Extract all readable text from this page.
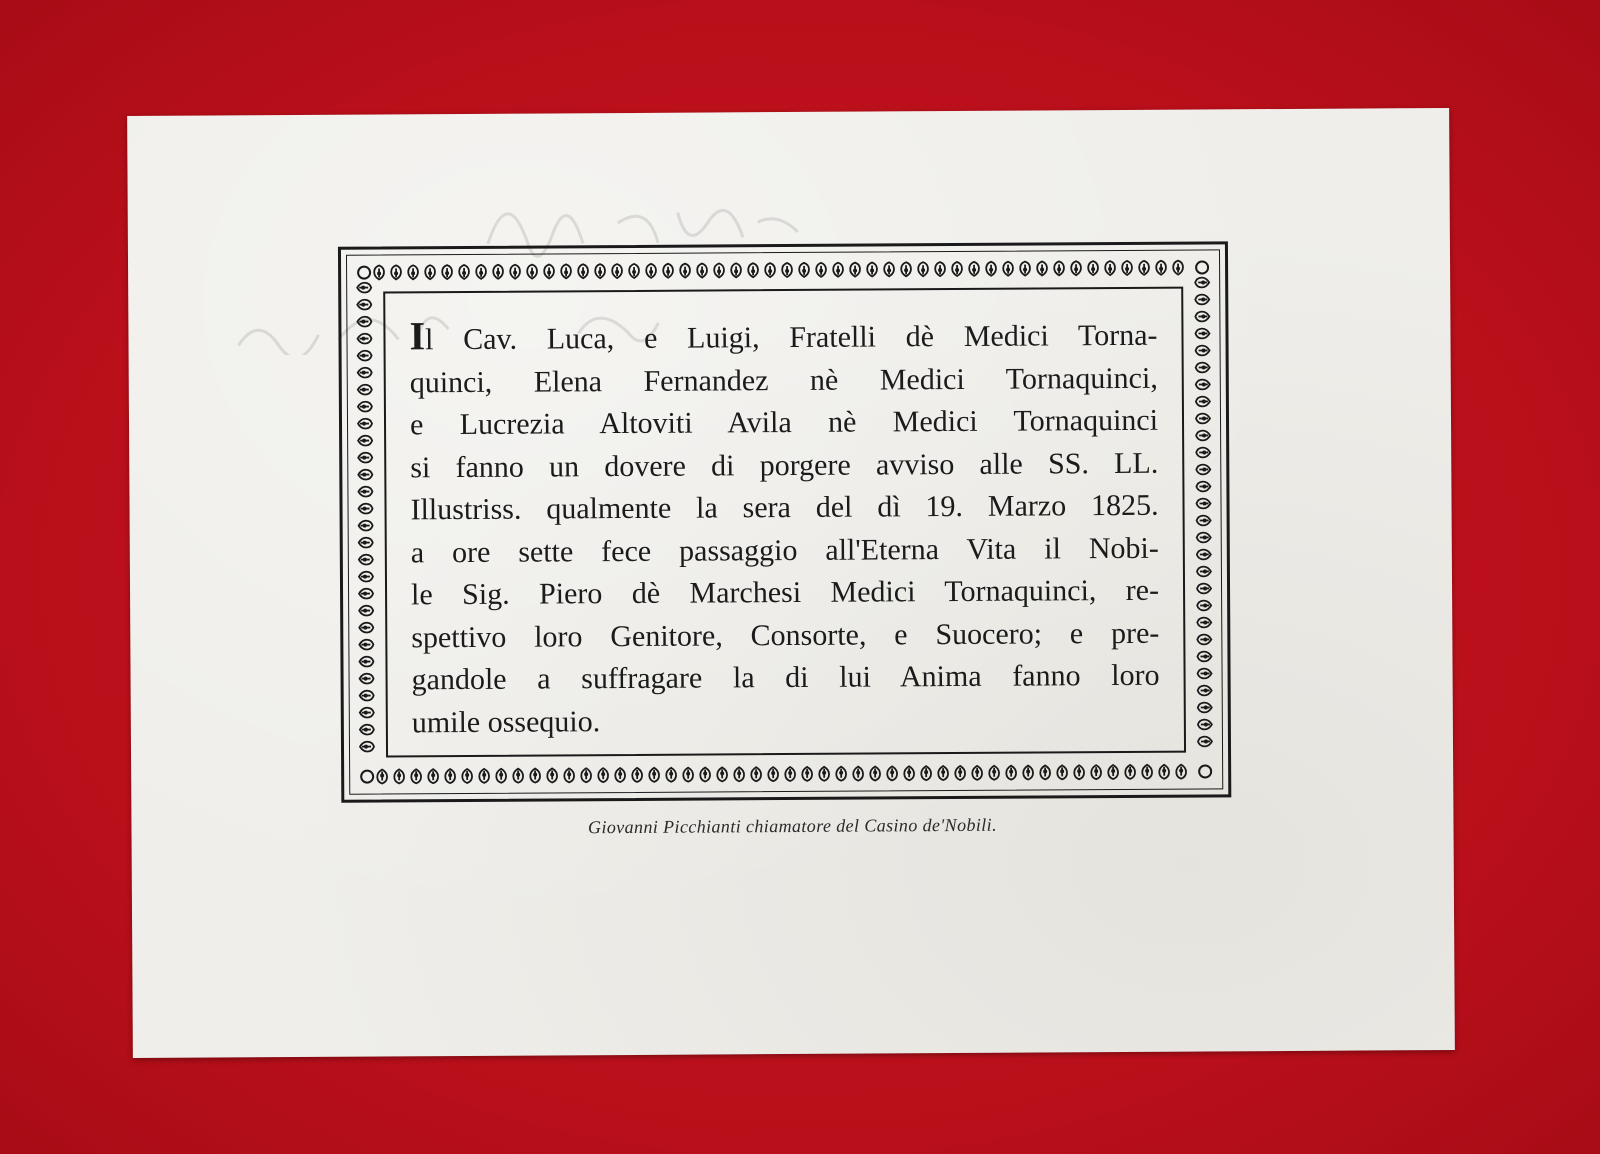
Il Cav. Luca, e Luigi, Fratelli dè Medici Torna-
quinci, Elena Fernandez nè Medici Tornaquinci,
e Lucrezia Altoviti Avila nè Medici Tornaquinci
si fanno un dovere di porgere avviso alle SS. LL.
Illustriss. qualmente la sera del dì 19. Marzo 1825.
a ore sette fece passaggio all'Eterna Vita il Nobi-
le Sig. Piero dè Marchesi Medici Tornaquinci, re-
spettivo loro Genitore, Consorte, e Suocero; e pre-
gandole a suffragare la di lui Anima fanno loro
umile ossequio.
Giovanni Picchianti chiamatore del Casino de'Nobili.
